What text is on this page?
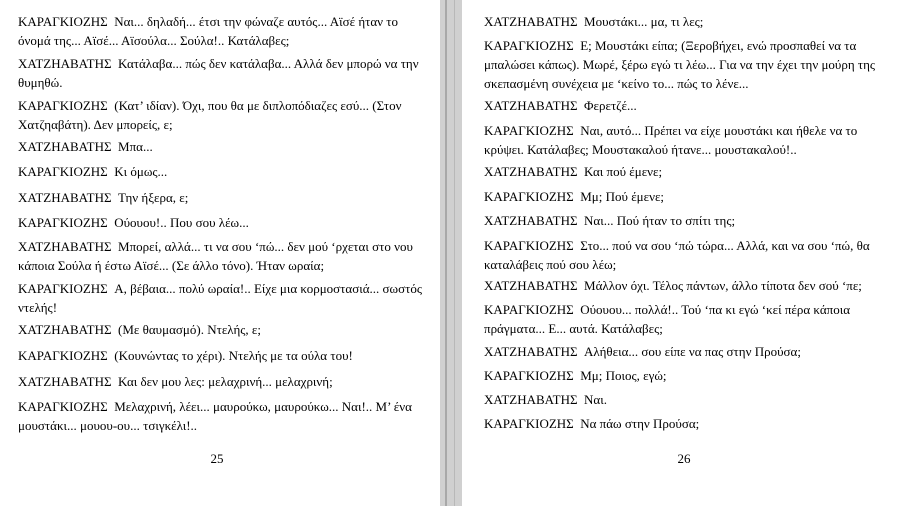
ΚΑΡΑΓΚΙΟΖΗΣ Ναι... δηλαδή... έτσι την φώναζε αυτός... Αϊσέ ήταν το όνομά της... Αϊσέ... Αϊσούλα... Σούλα!.. Κατάλαβες;

ΧΑΤΖΗΑΒΑΤΗΣ Κατάλαβα... πώς δεν κατάλαβα... Αλλά δεν μπορώ να την θυμηθώ.

ΚΑΡΑΓΚΙΟΖΗΣ (Κατ’ ιδίαν). Όχι, που θα με διπλοπόδιαζες εσύ... (Στον Χατζηαβάτη). Δεν μπορείς, ε;

ΧΑΤΖΗΑΒΑΤΗΣ Μπα...

ΚΑΡΑΓΚΙΟΖΗΣ Κι όμως...

ΧΑΤΖΗΑΒΑΤΗΣ Την ήξερα, ε;

ΚΑΡΑΓΚΙΟΖΗΣ Ούουου!.. Που σου λέω...

ΧΑΤΖΗΑΒΑΤΗΣ Μπορεί, αλλά... τι να σου ‘πώ... δεν μού ‘ρχεται στο νου κάποια Σούλα ή έστω Αϊσέ... (Σε άλλο τόνο). Ήταν ωραία;

ΚΑΡΑΓΚΙΟΖΗΣ Α, βέβαια... πολύ ωραία!.. Είχε μια κορμοστασιά... σωστός ντελής!

ΧΑΤΖΗΑΒΑΤΗΣ (Με θαυμασμό). Ντελής, ε;

ΚΑΡΑΓΚΙΟΖΗΣ (Κουνώντας το χέρι). Ντελής με τα ούλα του!

ΧΑΤΖΗΑΒΑΤΗΣ Και δεν μου λες: μελαχρινή... μελαχρινή;

ΚΑΡΑΓΚΙΟΖΗΣ Μελαχρινή, λέει... μαυρούκω, μαυρούκω... Ναι!.. Μ’ ένα μουστάκι... μουου-ου... τσιγκέλι!..

25

ΧΑΤΖΗΑΒΑΤΗΣ Μουστάκι... μα, τι λες;

ΚΑΡΑΓΚΙΟΖΗΣ Ε; Μουστάκι είπα; (Ξεροβήχει, ενώ προσπαθεί να τα μπαλώσει κάπως). Μωρέ, ξέρω εγώ τι λέω... Για να την έχει την μούρη της σκεπασμένη συνέχεια με ‘κείνο το... πώς το λένε...

ΧΑΤΖΗΑΒΑΤΗΣ Φερετζέ...

ΚΑΡΑΓΚΙΟΖΗΣ Ναι, αυτό... Πρέπει να είχε μουστάκι και ήθελε να το κρύψει. Κατάλαβες; Μουστακαλού ήτανε... μουστακαλού!..

ΧΑΤΖΗΑΒΑΤΗΣ Και πού έμενε;

ΚΑΡΑΓΚΙΟΖΗΣ Μμ; Πού έμενε;

ΧΑΤΖΗΑΒΑΤΗΣ Ναι... Πού ήταν το σπίτι της;

ΚΑΡΑΓΚΙΟΖΗΣ Στο... πού να σου ‘πώ τώρα... Αλλά, και να σου ‘πώ, θα καταλάβεις πού σου λέω;

ΧΑΤΖΗΑΒΑΤΗΣ Μάλλον όχι. Τέλος πάντων, άλλο τίποτα δεν σού ‘πε;

ΚΑΡΑΓΚΙΟΖΗΣ Ούουου... πολλά!.. Τού ‘πα κι εγώ ‘κεί πέρα κάποια πράγματα... Ε... αυτά. Κατάλαβες;

ΧΑΤΖΗΑΒΑΤΗΣ Αλήθεια... σου είπε να πας στην Προύσα;

ΚΑΡΑΓΚΙΟΖΗΣ Μμ; Ποιος, εγώ;

ΧΑΤΖΗΑΒΑΤΗΣ Ναι.

ΚΑΡΑΓΚΙΟΖΗΣ Να πάω στην Προύσα;

26
